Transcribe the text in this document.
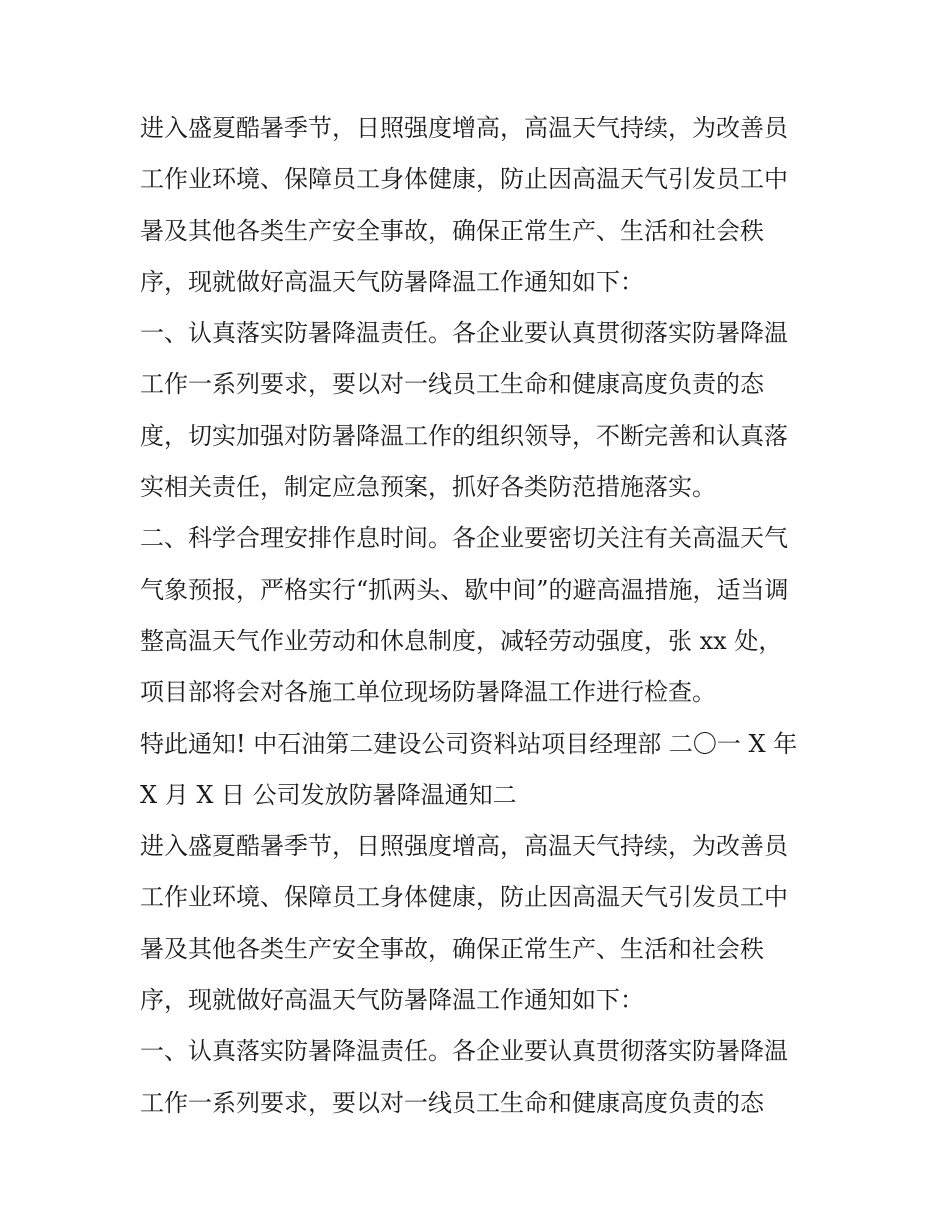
进入盛夏酷暑季节，日照强度增高，高温天气持续，为改善员
工作业环境、保障员工身体健康，防止因高温天气引发员工中
暑及其他各类生产安全事故，确保正常生产、生活和社会秩
序，现就做好高温天气防暑降温工作通知如下：
一、认真落实防暑降温责任。各企业要认真贯彻落实防暑降温
工作一系列要求，要以对一线员工生命和健康高度负责的态
度，切实加强对防暑降温工作的组织领导，不断完善和认真落
实相关责任，制定应急预案，抓好各类防范措施落实。
二、科学合理安排作息时间。各企业要密切关注有关高温天气
气象预报，严格实行“抓两头、歇中间”的避高温措施，适当调
整高温天气作业劳动和休息制度，减轻劳动强度，张 xx 处，
项目部将会对各施工单位现场防暑降温工作进行检查。
特此通知! 中石油第二建设公司资料站项目经理部 二〇一 X 年
X 月 X 日 公司发放防暑降温通知二
进入盛夏酷暑季节，日照强度增高，高温天气持续，为改善员
工作业环境、保障员工身体健康，防止因高温天气引发员工中
暑及其他各类生产安全事故，确保正常生产、生活和社会秩
序，现就做好高温天气防暑降温工作通知如下：
一、认真落实防暑降温责任。各企业要认真贯彻落实防暑降温
工作一系列要求，要以对一线员工生命和健康高度负责的态
